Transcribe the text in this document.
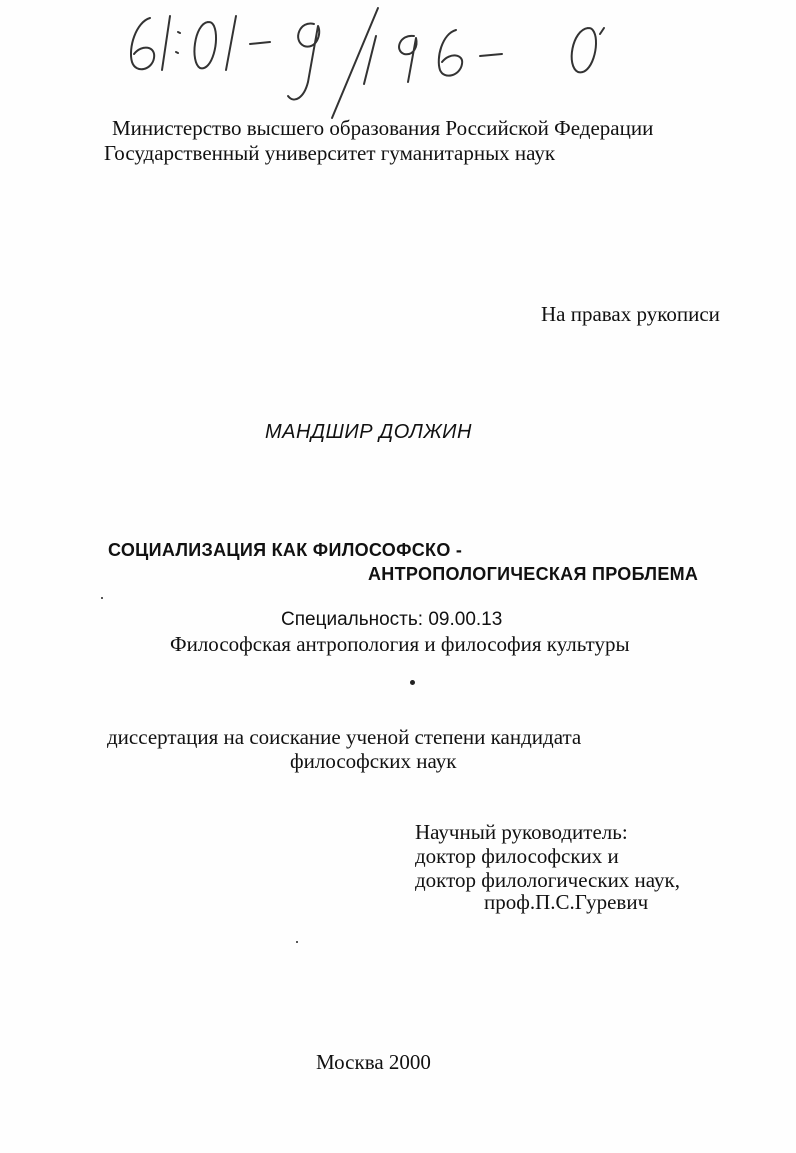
Министерство высшего образования Российской Федерации
Государственный университет гуманитарных наук
На правах рукописи
МАНДШИР ДОЛЖИН
СОЦИАЛИЗАЦИЯ КАК ФИЛОСОФСКО -
АНТРОПОЛОГИЧЕСКАЯ ПРОБЛЕМА
Специальность: 09.00.13
Философская антропология и философия культуры
диссертация на соискание ученой степени кандидата
философских наук
Научный руководитель:
доктор философских и
доктор филологических наук,
проф.П.С.Гуревич
Москва 2000
